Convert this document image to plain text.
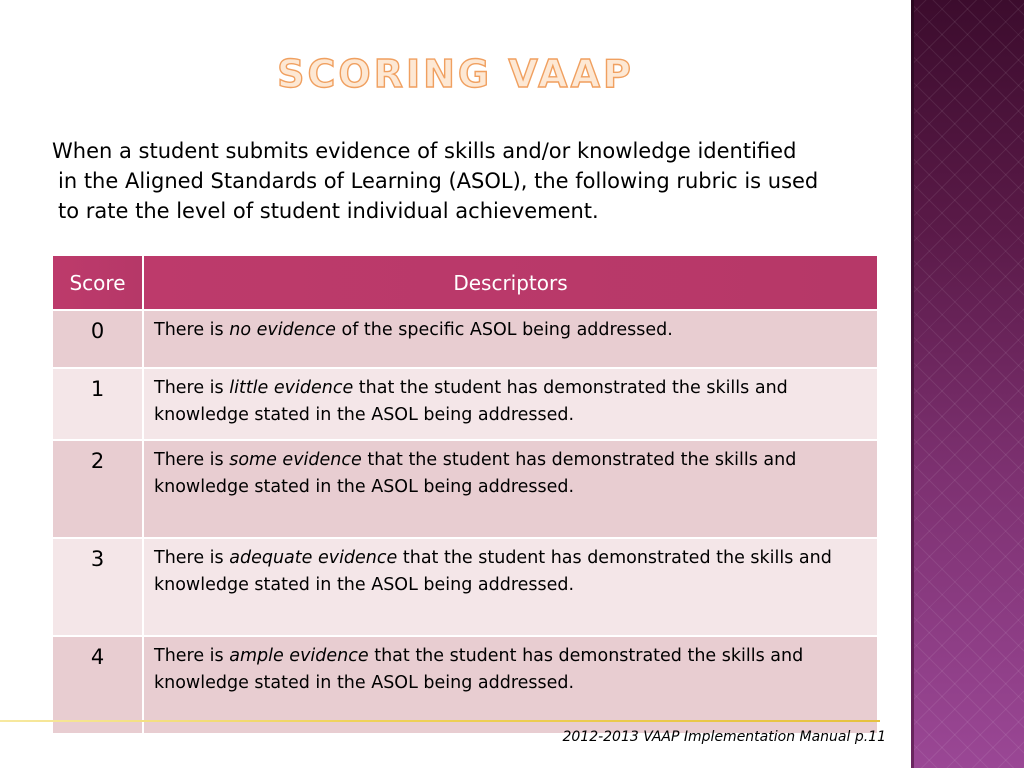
SCORING VAAP
When a student submits evidence of skills and/or knowledge identified
in the Aligned Standards of Learning (ASOL), the following rubric is used
to rate the level of student individual achievement.
Score	Descriptors
0	There is no evidence of the specific ASOL being addressed.
1	There is little evidence that the student has demonstrated the skills and knowledge stated in the ASOL being addressed.
2	There is some evidence that the student has demonstrated the skills and knowledge stated in the ASOL being addressed.
3	There is adequate evidence that the student has demonstrated the skills and knowledge stated in the ASOL being addressed.
4	There is ample evidence that the student has demonstrated the skills and knowledge stated in the ASOL being addressed.
2012-2013 VAAP Implementation Manual p.11
